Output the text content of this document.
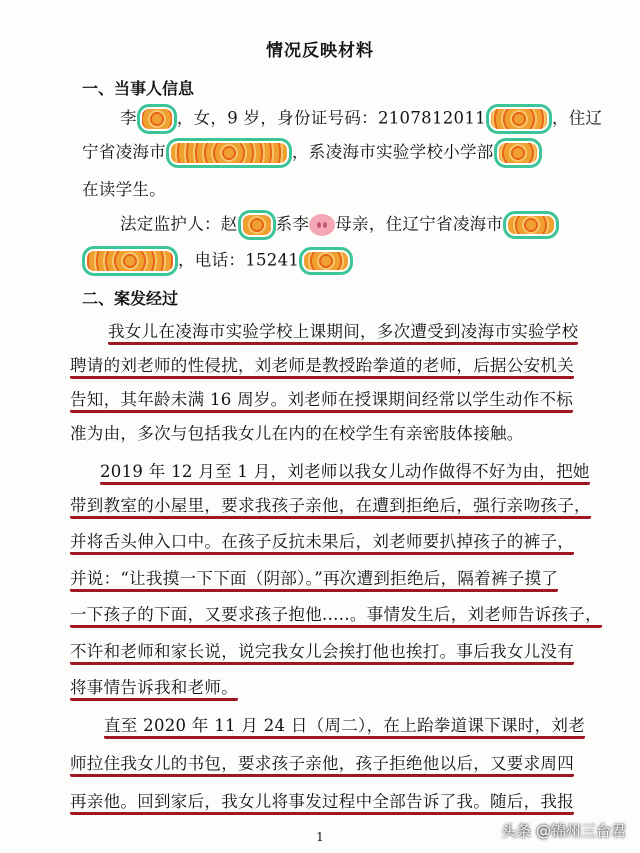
情况反映材料
一、当事人信息
李 ，女，9 岁，身份证号码：2107812011	，住辽
宁省凌海市	，系凌海市实验学校小学部
在读学生。
法定监护人：赵 系李 母亲，住辽宁省凌海市
，电话：15241
二、案发经过
我女儿在凌海市实验学校上课期间，多次遭受到凌海市实验学校
聘请的刘老师的性侵扰，刘老师是教授跆拳道的老师，后据公安机关
告知，其年龄未满 16 周岁。刘老师在授课期间经常以学生动作不标
准为由，多次与包括我女儿在内的在校学生有亲密肢体接触。
2019 年 12 月至 1 月，刘老师以我女儿动作做得不好为由，把她
带到教室的小屋里，要求我孩子亲他，在遭到拒绝后，强行亲吻孩子，
并将舌头伸入口中。在孩子反抗未果后，刘老师要扒掉孩子的裤子，
并说：“让我摸一下下面（阴部）。”再次遭到拒绝后，隔着裤子摸了
一下孩子的下面，又要求孩子抱他.….。事情发生后，刘老师告诉孩子，
不许和老师和家长说，说完我女儿会挨打他也挨打。事后我女儿没有
将事情告诉我和老师。
直至 2020 年 11 月 24 日（周二），在上跆拳道课下课时，刘老
师拉住我女儿的书包，要求孩子亲他，孩子拒绝他以后，又要求周四
再亲他。回到家后，我女儿将事发过程中全部告诉了我。随后，我报
1	头条 @锦州三台君
